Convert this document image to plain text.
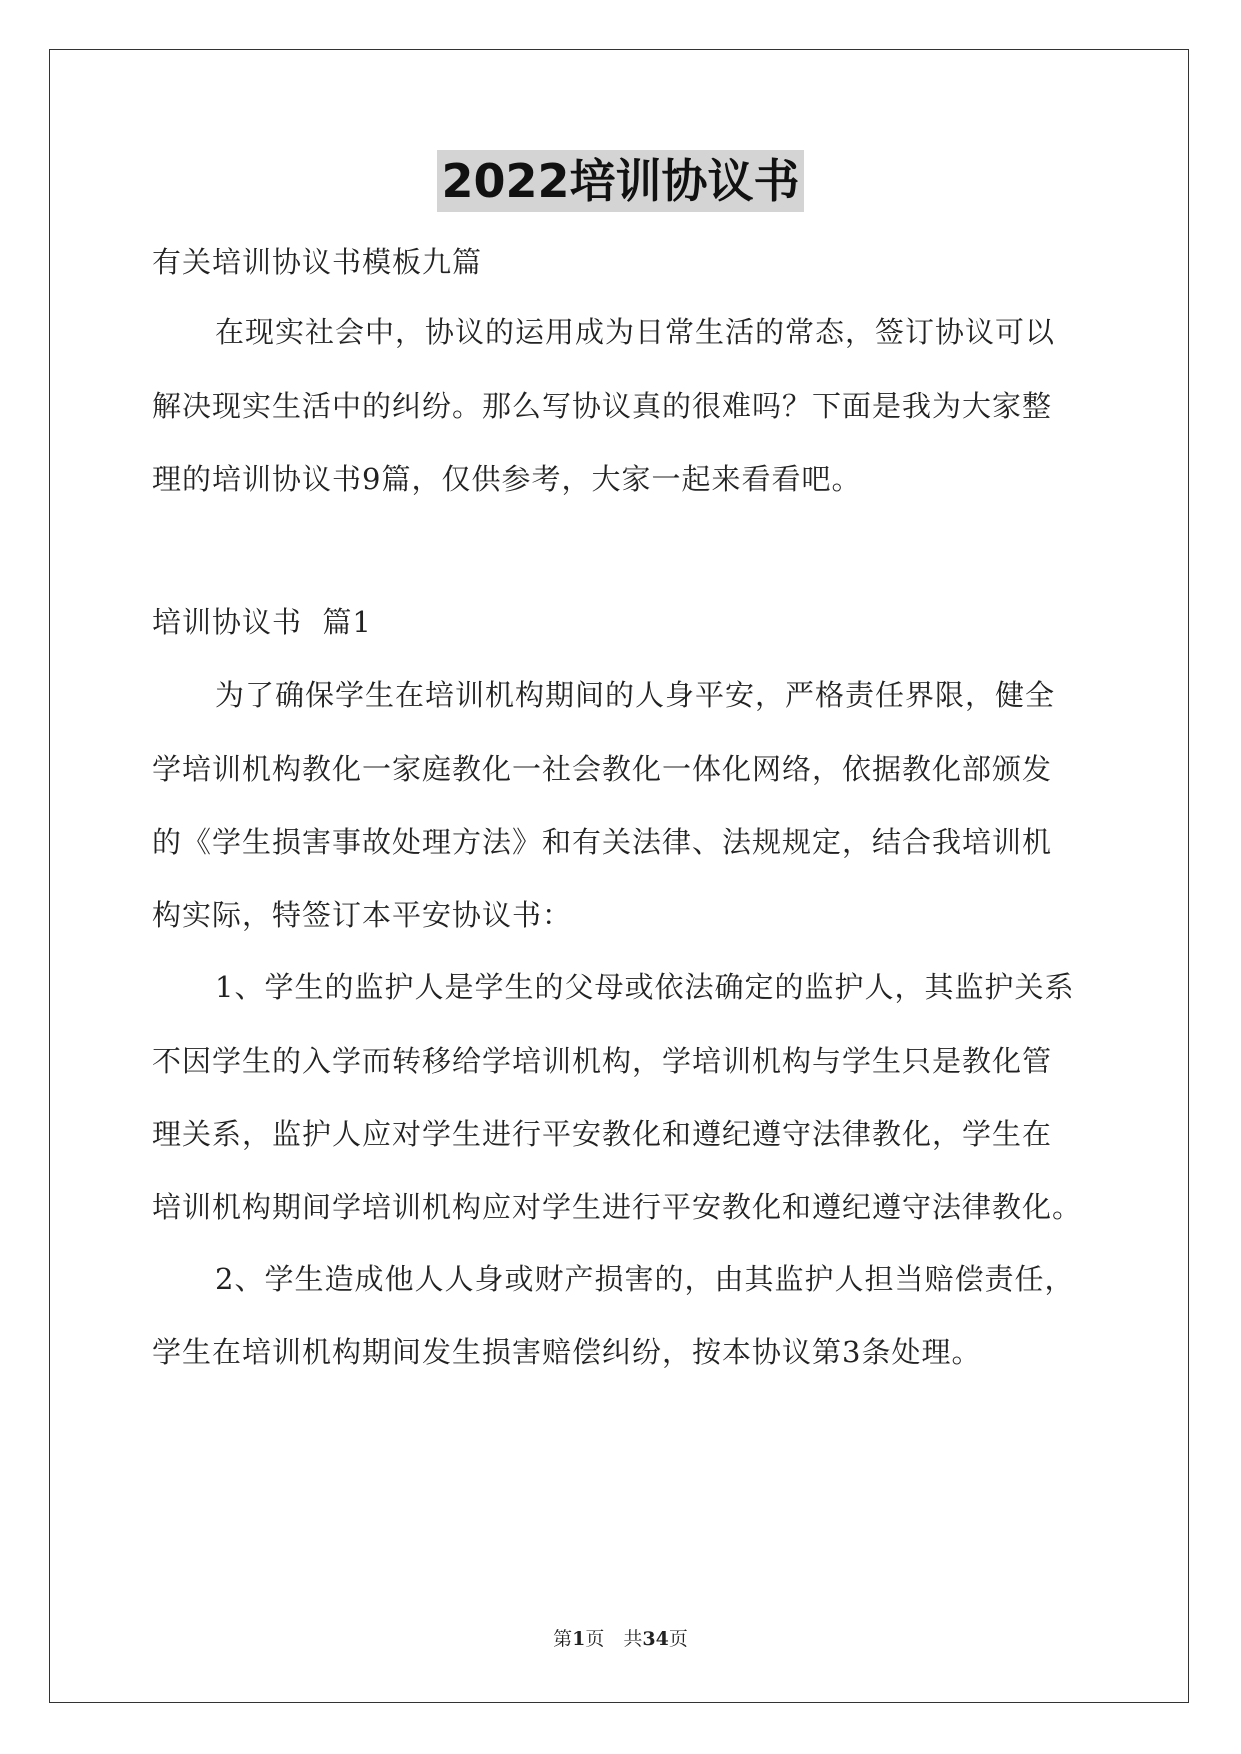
2022培训协议书

有关培训协议书模板九篇

在现实社会中，协议的运用成为日常生活的常态，签订协议可以

解决现实生活中的纠纷。那么写协议真的很难吗？下面是我为大家整

理的培训协议书9篇，仅供参考，大家一起来看看吧。

培训协议书  篇1

为了确保学生在培训机构期间的人身平安，严格责任界限，健全

学培训机构教化一家庭教化一社会教化一体化网络，依据教化部颁发

的《学生损害事故处理方法》和有关法律、法规规定，结合我培训机

构实际，特签订本平安协议书：

1、学生的监护人是学生的父母或依法确定的监护人，其监护关系

不因学生的入学而转移给学培训机构，学培训机构与学生只是教化管

理关系，监护人应对学生进行平安教化和遵纪遵守法律教化，学生在

培训机构期间学培训机构应对学生进行平安教化和遵纪遵守法律教化。

2、学生造成他人人身或财产损害的，由其监护人担当赔偿责任，

学生在培训机构期间发生损害赔偿纠纷，按本协议第3条处理。

第1页　共34页
